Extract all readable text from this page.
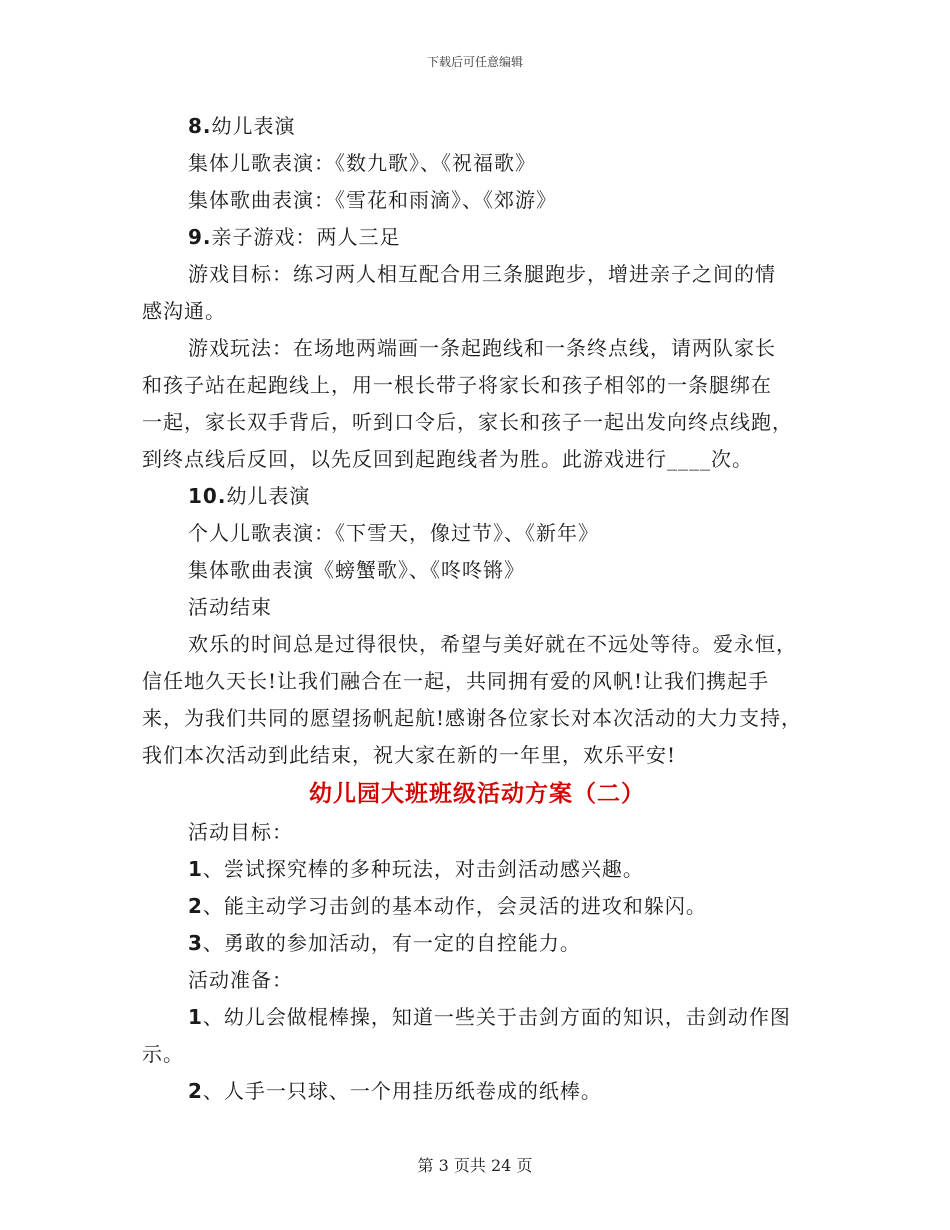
下载后可任意编辑
8.幼儿表演
集体儿歌表演：《数九歌》、《祝福歌》
集体歌曲表演：《雪花和雨滴》、《郊游》
9.亲子游戏：两人三足
游戏目标：练习两人相互配合用三条腿跑步，增进亲子之间的情
感沟通。
游戏玩法：在场地两端画一条起跑线和一条终点线，请两队家长
和孩子站在起跑线上，用一根长带子将家长和孩子相邻的一条腿绑在
一起，家长双手背后，听到口令后，家长和孩子一起出发向终点线跑，
到终点线后反回，以先反回到起跑线者为胜。此游戏进行____次。
10.幼儿表演
个人儿歌表演：《下雪天，像过节》、《新年》
集体歌曲表演《螃蟹歌》、《咚咚锵》
活动结束
欢乐的时间总是过得很快，希望与美好就在不远处等待。爱永恒，
信任地久天长!让我们融合在一起，共同拥有爱的风帆!让我们携起手
来，为我们共同的愿望扬帆起航!感谢各位家长对本次活动的大力支持，
我们本次活动到此结束，祝大家在新的一年里，欢乐平安!
幼儿园大班班级活动方案（二）
活动目标：
1、尝试探究棒的多种玩法，对击剑活动感兴趣。
2、能主动学习击剑的基本动作，会灵活的进攻和躲闪。
3、勇敢的参加活动，有一定的自控能力。
活动准备：
1、幼儿会做棍棒操，知道一些关于击剑方面的知识，击剑动作图
示。
2、人手一只球、一个用挂历纸卷成的纸棒。
第 3 页共 24 页
